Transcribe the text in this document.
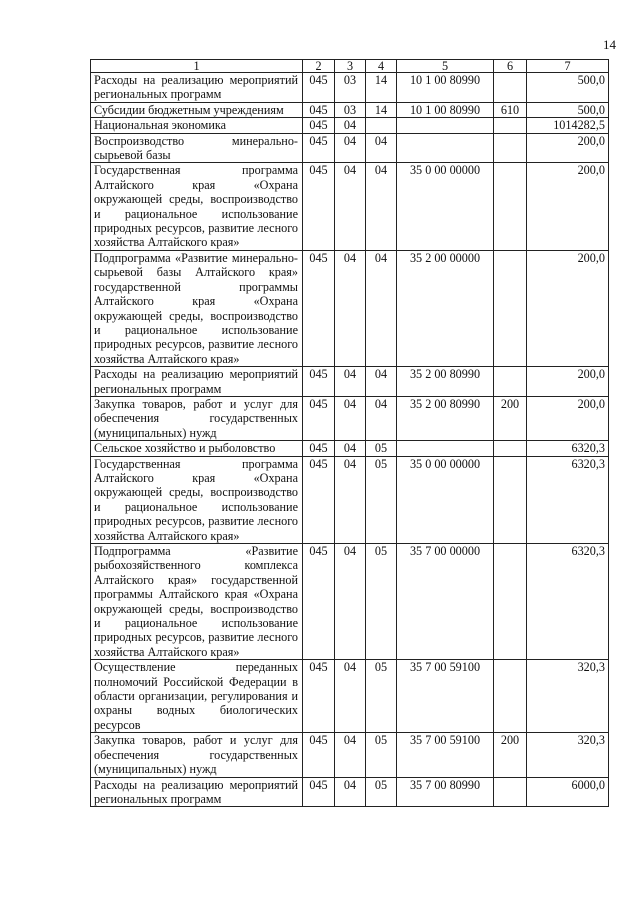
14
1	2	3	4	5	6	7
Расходы на реализацию мероприятий региональных программ	045	03	14	10 1 00 80990		500,0
Субсидии бюджетным учреждениям	045	03	14	10 1 00 80990	610	500,0
Национальная экономика	045	04				1014282,5
Воспроизводство минерально-сырьевой базы	045	04	04			200,0
Государственная программа Алтайского края «Охрана окружающей среды, воспроизводство и рациональное использование природных ресурсов, развитие лесного хозяйства Алтайского края»	045	04	04	35 0 00 00000		200,0
Подпрограмма «Развитие минерально-сырьевой базы Алтайского края» государственной программы Алтайского края «Охрана окружающей среды, воспроизводство и рациональное использование природных ресурсов, развитие лесного хозяйства Алтайского края»	045	04	04	35 2 00 00000		200,0
Расходы на реализацию мероприятий региональных программ	045	04	04	35 2 00 80990		200,0
Закупка товаров, работ и услуг для обеспечения государственных (муниципальных) нужд	045	04	04	35 2 00 80990	200	200,0
Сельское хозяйство и рыболовство	045	04	05			6320,3
Государственная программа Алтайского края «Охрана окружающей среды, воспроизводство и рациональное использование природных ресурсов, развитие лесного хозяйства Алтайского края»	045	04	05	35 0 00 00000		6320,3
Подпрограмма «Развитие рыбохозяйственного комплекса Алтайского края» государственной программы Алтайского края «Охрана окружающей среды, воспроизводство и рациональное использование природных ресурсов, развитие лесного хозяйства Алтайского края»	045	04	05	35 7 00 00000		6320,3
Осуществление переданных полномочий Российской Федерации в области организации, регулирования и охраны водных биологических ресурсов	045	04	05	35 7 00 59100		320,3
Закупка товаров, работ и услуг для обеспечения государственных (муниципальных) нужд	045	04	05	35 7 00 59100	200	320,3
Расходы на реализацию мероприятий региональных программ	045	04	05	35 7 00 80990		6000,0
